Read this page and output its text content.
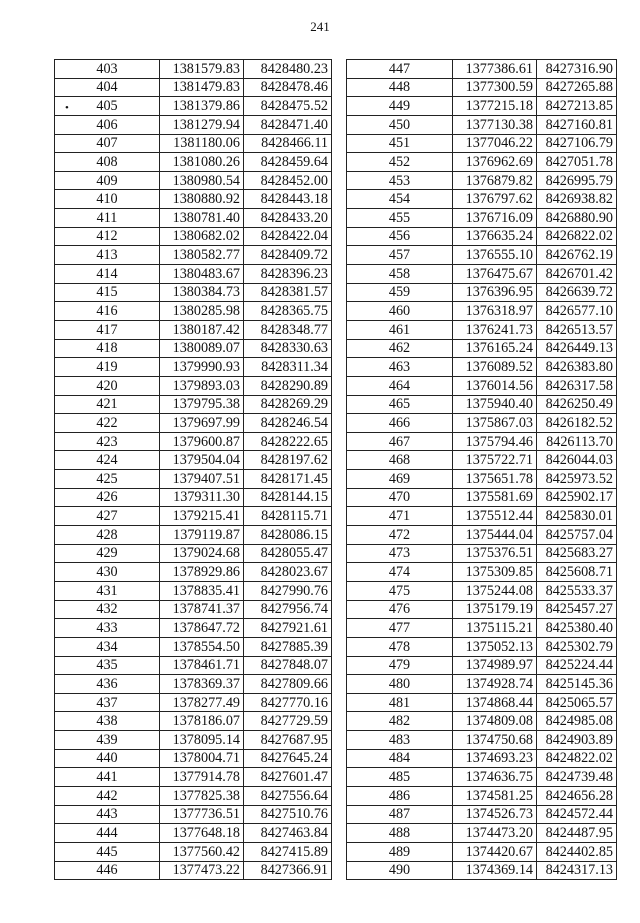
241
•
403	1381579.83	8428480.23
404	1381479.83	8428478.46
405	1381379.86	8428475.52
406	1381279.94	8428471.40
407	1381180.06	8428466.11
408	1381080.26	8428459.64
409	1380980.54	8428452.00
410	1380880.92	8428443.18
411	1380781.40	8428433.20
412	1380682.02	8428422.04
413	1380582.77	8428409.72
414	1380483.67	8428396.23
415	1380384.73	8428381.57
416	1380285.98	8428365.75
417	1380187.42	8428348.77
418	1380089.07	8428330.63
419	1379990.93	8428311.34
420	1379893.03	8428290.89
421	1379795.38	8428269.29
422	1379697.99	8428246.54
423	1379600.87	8428222.65
424	1379504.04	8428197.62
425	1379407.51	8428171.45
426	1379311.30	8428144.15
427	1379215.41	8428115.71
428	1379119.87	8428086.15
429	1379024.68	8428055.47
430	1378929.86	8428023.67
431	1378835.41	8427990.76
432	1378741.37	8427956.74
433	1378647.72	8427921.61
434	1378554.50	8427885.39
435	1378461.71	8427848.07
436	1378369.37	8427809.66
437	1378277.49	8427770.16
438	1378186.07	8427729.59
439	1378095.14	8427687.95
440	1378004.71	8427645.24
441	1377914.78	8427601.47
442	1377825.38	8427556.64
443	1377736.51	8427510.76
444	1377648.18	8427463.84
445	1377560.42	8427415.89
446	1377473.22	8427366.91
447	1377386.61	8427316.90
448	1377300.59	8427265.88
449	1377215.18	8427213.85
450	1377130.38	8427160.81
451	1377046.22	8427106.79
452	1376962.69	8427051.78
453	1376879.82	8426995.79
454	1376797.62	8426938.82
455	1376716.09	8426880.90
456	1376635.24	8426822.02
457	1376555.10	8426762.19
458	1376475.67	8426701.42
459	1376396.95	8426639.72
460	1376318.97	8426577.10
461	1376241.73	8426513.57
462	1376165.24	8426449.13
463	1376089.52	8426383.80
464	1376014.56	8426317.58
465	1375940.40	8426250.49
466	1375867.03	8426182.52
467	1375794.46	8426113.70
468	1375722.71	8426044.03
469	1375651.78	8425973.52
470	1375581.69	8425902.17
471	1375512.44	8425830.01
472	1375444.04	8425757.04
473	1375376.51	8425683.27
474	1375309.85	8425608.71
475	1375244.08	8425533.37
476	1375179.19	8425457.27
477	1375115.21	8425380.40
478	1375052.13	8425302.79
479	1374989.97	8425224.44
480	1374928.74	8425145.36
481	1374868.44	8425065.57
482	1374809.08	8424985.08
483	1374750.68	8424903.89
484	1374693.23	8424822.02
485	1374636.75	8424739.48
486	1374581.25	8424656.28
487	1374526.73	8424572.44
488	1374473.20	8424487.95
489	1374420.67	8424402.85
490	1374369.14	8424317.13
